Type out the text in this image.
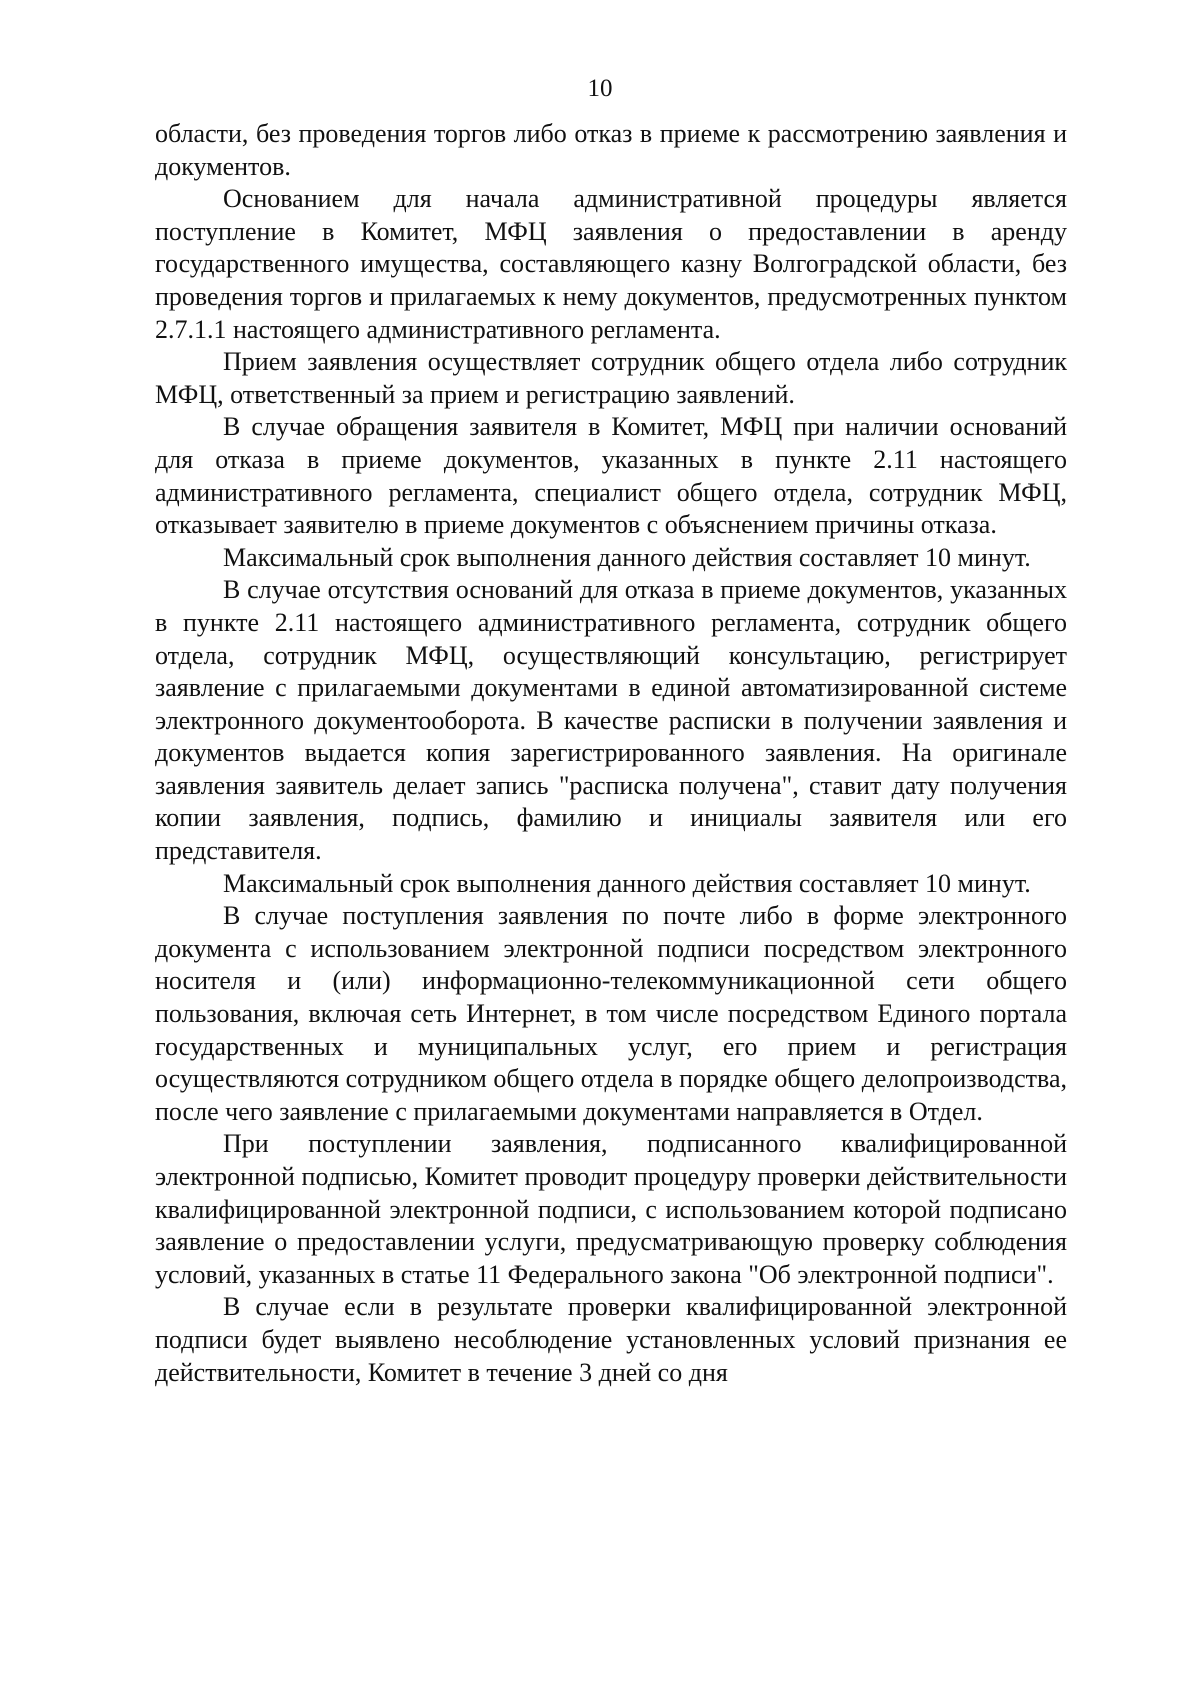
10

области, без проведения торгов либо отказ в приеме к рассмотрению заявления и документов.

Основанием для начала административной процедуры является поступление в Комитет, МФЦ заявления о предоставлении в аренду государственного имущества, составляющего казну Волгоградской области, без проведения торгов и прилагаемых к нему документов, предусмотренных пунктом 2.7.1.1 настоящего административного регламента.

Прием заявления осуществляет сотрудник общего отдела либо сотрудник МФЦ, ответственный за прием и регистрацию заявлений.

В случае обращения заявителя в Комитет, МФЦ при наличии оснований для отказа в приеме документов, указанных в пункте 2.11 настоящего административного регламента, специалист общего отдела, сотрудник МФЦ, отказывает заявителю в приеме документов с объяснением причины отказа.

Максимальный срок выполнения данного действия составляет 10 минут.

В случае отсутствия оснований для отказа в приеме документов, указанных в пункте 2.11 настоящего административного регламента, сотрудник общего отдела, сотрудник МФЦ, осуществляющий консультацию, регистрирует заявление с прилагаемыми документами в единой автоматизированной системе электронного документооборота. В качестве расписки в получении заявления и документов выдается копия зарегистрированного заявления. На оригинале заявления заявитель делает запись "расписка получена", ставит дату получения копии заявления, подпись, фамилию и инициалы заявителя или его представителя.

Максимальный срок выполнения данного действия составляет 10 минут.

В случае поступления заявления по почте либо в форме электронного документа с использованием электронной подписи посредством электронного носителя и (или) информационно-телекоммуникационной сети общего пользования, включая сеть Интернет, в том числе посредством Единого портала государственных и муниципальных услуг, его прием и регистрация осуществляются сотрудником общего отдела в порядке общего делопроизводства, после чего заявление с прилагаемыми документами направляется в Отдел.

При поступлении заявления, подписанного квалифицированной электронной подписью, Комитет проводит процедуру проверки действительности квалифицированной электронной подписи, с использованием которой подписано заявление о предоставлении услуги, предусматривающую проверку соблюдения условий, указанных в статье 11 Федерального закона "Об электронной подписи".

В случае если в результате проверки квалифицированной электронной подписи будет выявлено несоблюдение установленных условий признания ее действительности, Комитет в течение 3 дней со дня
